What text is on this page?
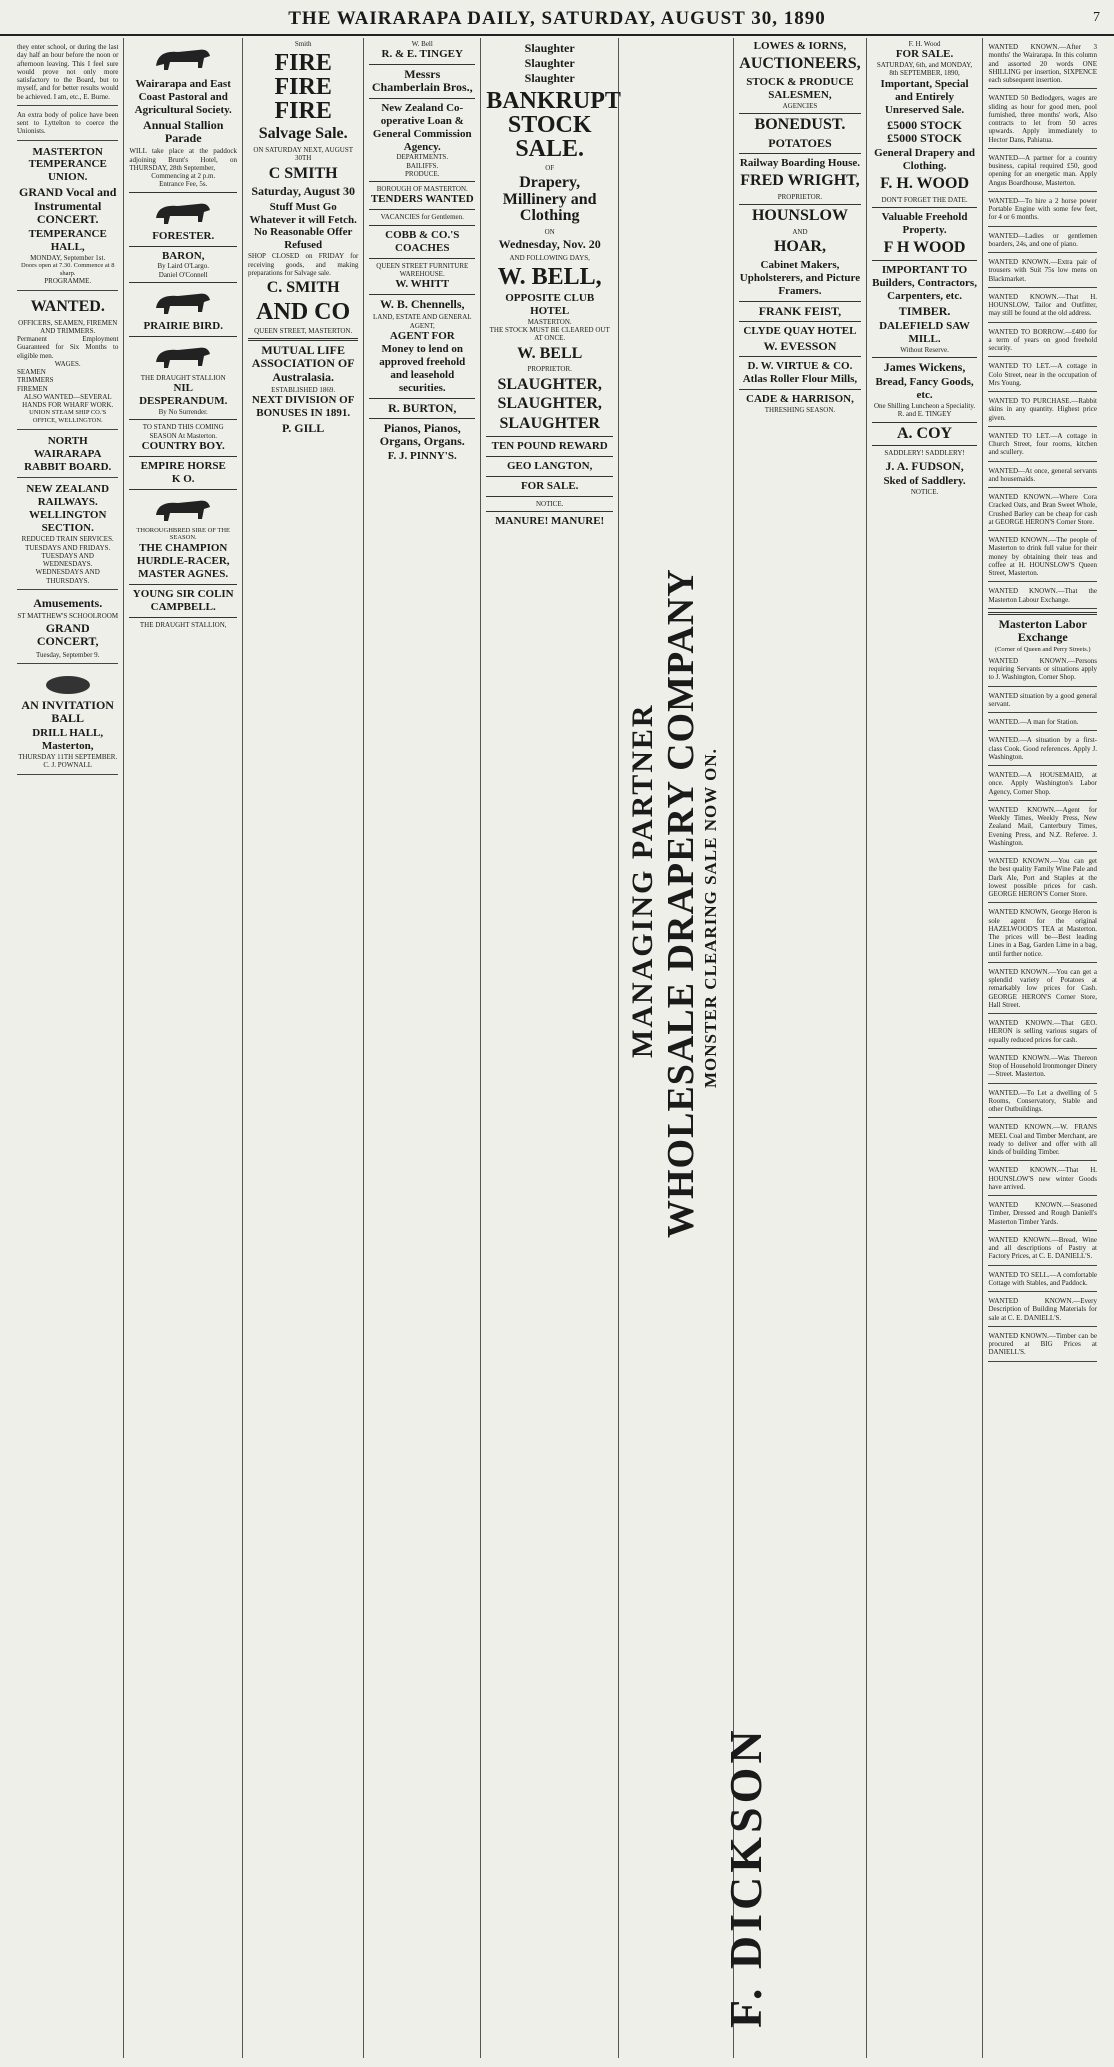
THE WAIRARAPA DAILY, SATURDAY, AUGUST 30, 1890	7
they enter school, or during the last day half an hour before the noon or afternoon leaving. This I feel sure would prove not only more satisfactory to the Board, but to myself, and for better results would be achieved. I am, etc., E. Burne.
An extra body of police have been sent to Lyttelton to coerce the Unionists.
MASTERTON TEMPERANCE UNION.
GRAND Vocal and Instrumental CONCERT.
TEMPERANCE HALL,
MONDAY, September 1st.
Doors open at 7.30. Commence at 8 sharp.
PROGRAMME.
WANTED.
OFFICERS, SEAMEN, FIREMEN AND TRIMMERS.
Permanent Employment Guaranteed for Six Months to eligible men.
WAGES.
SEAMEN
TRIMMERS
FIREMEN
ALSO WANTED—SEVERAL HANDS FOR WHARF WORK.
UNION STEAM SHIP CO.'S OFFICE, WELLINGTON.
NORTH WAIRARAPA RABBIT BOARD.
NEW ZEALAND RAILWAYS. WELLINGTON SECTION.
REDUCED TRAIN SERVICES.
TUESDAYS AND FRIDAYS.
TUESDAYS AND WEDNESDAYS.
WEDNESDAYS AND THURSDAYS.
Amusements.
ST MATTHEW'S SCHOOLROOM
GRAND CONCERT,
Tuesday, September 9.
AN INVITATION BALL
DRILL HALL, Masterton,
THURSDAY 11TH SEPTEMBER.
C. J. POWNALL
Wairarapa and East Coast Pastoral and Agricultural Society.
Annual Stallion Parade
WILL take place at the paddock adjoining Brunt's Hotel, on THURSDAY, 28th September,
Commencing at 2 p.m.
Entrance Fee, 5s.
FORESTER.
BARON,
By Laird O'Largo.
Daniel O'Connell
PRAIRIE BIRD.
THE DRAUGHT STALLION
NIL DESPERANDUM.
By No Surrender.
TO STAND THIS COMING SEASON At Masterton.
COUNTRY BOY.
EMPIRE HORSE
K O.
THOROUGHBRED SIRE OF THE SEASON.
THE CHAMPION HURDLE-RACER, MASTER AGNES.
YOUNG SIR COLIN CAMPBELL.
THE DRAUGHT STALLION,
Smith
FIRE FIRE FIRE
Salvage Sale.
ON SATURDAY NEXT, AUGUST 30TH
C SMITH
Saturday, August 30
Stuff Must Go Whatever it will Fetch.
No Reasonable Offer Refused
SHOP CLOSED on FRIDAY for receiving goods, and making preparations for Salvage sale.
C. SMITH
AND CO
QUEEN STREET, MASTERTON.
MUTUAL LIFE ASSOCIATION OF Australasia.
ESTABLISHED 1869.
NEXT DIVISION OF BONUSES IN 1891.
P. GILL
W. Bell
R. & E. TINGEY
Messrs Chamberlain Bros.,
New Zealand Co-operative Loan & General Commission Agency.
DEPARTMENTS.
BAILIFFS.
PRODUCE.
BOROUGH OF MASTERTON.
TENDERS WANTED
VACANCIES for Gentlemen.
COBB & CO.'S COACHES
QUEEN STREET FURNITURE WAREHOUSE.
W. WHITT
W. B. Chennells,
LAND, ESTATE AND GENERAL AGENT,
AGENT FOR
Money to lend on approved freehold and leasehold securities.
R. BURTON,
Pianos, Pianos, Organs, Organs.
F. J. PINNY'S.
Slaughter
Slaughter
Slaughter
BANKRUPT STOCK SALE.
OF
Drapery, Millinery and Clothing
ON
Wednesday, Nov. 20
AND FOLLOWING DAYS,
W. BELL,
OPPOSITE CLUB HOTEL
MASTERTON.
THE STOCK MUST BE CLEARED OUT AT ONCE.
W. BELL
PROPRIETOR.
SLAUGHTER,
SLAUGHTER,
SLAUGHTER
TEN POUND REWARD
GEO LANGTON,
FOR SALE.
NOTICE.
MANURE! MANURE!
MANAGING PARTNER WHOLESALE DRAPERY COMPANY MONSTER CLEARING SALE NOW ON.
F. DICKSON
LOWES & IORNS,
AUCTIONEERS,
STOCK & PRODUCE SALESMEN,
AGENCIES
BONEDUST.
POTATOES
Railway Boarding House.
FRED WRIGHT,
PROPRIETOR.
HOUNSLOW
AND
HOAR,
Cabinet Makers, Upholsterers, and Picture Framers.
FRANK FEIST,
CLYDE QUAY HOTEL
W. EVESSON
D. W. VIRTUE & CO.
Atlas Roller Flour Mills,
CADE & HARRISON,
THRESHING SEASON.
F. H. Wood
FOR SALE.
SATURDAY, 6th, and MONDAY, 8th SEPTEMBER, 1890,
Important, Special and Entirely Unreserved Sale.
£5000 STOCK £5000 STOCK
General Drapery and Clothing.
F. H. WOOD
DON'T FORGET THE DATE.
Valuable Freehold Property.
F H WOOD
IMPORTANT TO Builders, Contractors, Carpenters, etc.
TIMBER.
DALEFIELD SAW MILL.
Without Reserve.
James Wickens,
Bread, Fancy Goods, etc.
One Shilling Luncheon a Speciality.
R. and E. TINGEY
A. COY
SADDLERY! SADDLERY!
J. A. FUDSON,
Sked of Saddlery.
NOTICE.
WANTED KNOWN.—After 3 months' the Wairarapa. In this column and assorted 20 words ONE SHILLING per insertion, SIXPENCE each subsequent insertion.
WANTED 50 Bedlodgers, wages are sliding as hour for good men, pool furnished, three months' work, Also contracts to let from 50 acres upwards. Apply immediately to Hector Dans, Pahiatua.
WANTED—A partner for a country business, capital required £50, good opening for an energetic man. Apply Angus Boardhouse, Masterton.
WANTED—To hire a 2 horse power Portable Engine with some few feet, for 4 or 6 months.
WANTED—Ladies or gentlemen boarders, 24s, and one of piano.
WANTED KNOWN.—Extra pair of trousers with Suit 75s low mens on Blackmarket.
WANTED KNOWN.—That H. HOUNSLOW, Tailor and Outfitter, may still be found at the old address.
WANTED TO BORROW.—£400 for a term of years on good freehold security.
WANTED TO LET.—A cottage in Colo Street, near in the occupation of Mrs Young.
WANTED TO PURCHASE.—Rabbit skins in any quantity. Highest price given.
WANTED TO LET.—A cottage in Church Street, four rooms, kitchen and scullery.
WANTED—At once, general servants and housemaids.
WANTED KNOWN.—Where Cora Cracked Oats, and Bran Sweet Whole, Crushed Barley can be cheap for cash at GEORGE HERON'S Corner Store.
WANTED KNOWN.—The people of Masterton to drink full value for their money by obtaining their teas and coffee at H. HOUNSLOW'S Queen Street, Masterton.
WANTED KNOWN.—That the Masterton Labour Exchange.
Masterton Labor Exchange
(Corner of Queen and Perry Streets.)
WANTED KNOWN.—Persons requiring Servants or situations apply to J. Washington, Corner Shop.
WANTED situation by a good general servant.
WANTED.—A man for Station.
WANTED.—A situation by a first-class Cook. Good references. Apply J. Washington.
WANTED.—A HOUSEMAID, at once. Apply Washington's Labor Agency, Corner Shop.
WANTED KNOWN.—Agent for Weekly Times, Weekly Press, New Zealand Mail, Canterbury Times, Evening Press, and N.Z. Referee. J. Washington.
WANTED KNOWN.—You can get the best quality Family Wine Pale and Dark Ale, Port and Staples at the lowest possible prices for cash. GEORGE HERON'S Corner Store.
WANTED KNOWN, George Heron is sole agent for the original HAZELWOOD'S TEA at Masterton. The prices will be—Best leading Lines in a Bag, Garden Lime in a bag, until further notice.
WANTED KNOWN.—You can get a splendid variety of Potatoes at remarkably low prices for Cash. GEORGE HERON'S Corner Store, Hall Street.
WANTED KNOWN.—That GEO. HERON is selling various sugars of equally reduced prices for cash.
WANTED KNOWN.—Was Thereon Stop of Household Ironmonger Dinery—Street. Masterton.
WANTED.—To Let a dwelling of 5 Rooms, Conservatory, Stable and other Outbuildings.
WANTED KNOWN.—W. FRANS MEEL Coal and Timber Merchant, are ready to deliver and offer with all kinds of building Timber.
WANTED KNOWN.—That H. HOUNSLOW'S new winter Goods have arrived.
WANTED KNOWN.—Seasoned Timber, Dressed and Rough Daniell's Masterton Timber Yards.
WANTED KNOWN.—Bread, Wine and all descriptions of Pastry at Factory Prices, at C. E. DANIELL'S.
WANTED TO SELL.—A comfortable Cottage with Stables, and Paddock.
WANTED KNOWN.—Every Description of Building Materials for sale at C. E. DANIELL'S.
WANTED KNOWN.—Timber can be procured at BIG Prices at DANIELL'S.
